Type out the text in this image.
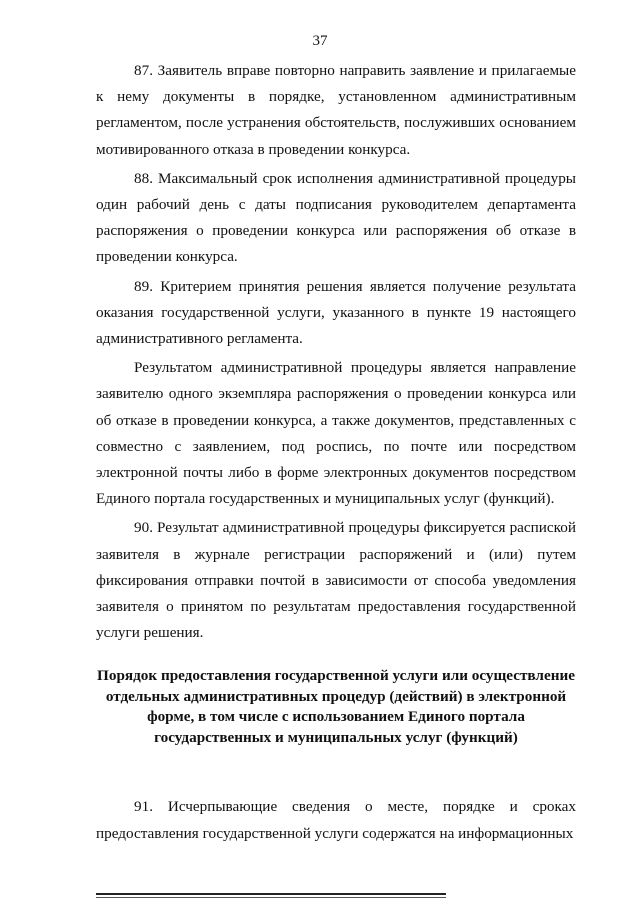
37

87. Заявитель вправе повторно направить заявление и прилагаемые к нему документы в порядке, установленном административным регламентом, после устранения обстоятельств, послуживших основанием мотивированного отказа в проведении конкурса.

88. Максимальный срок исполнения административной процедуры один рабочий день с даты подписания руководителем департамента распоряжения о проведении конкурса или распоряжения об отказе в проведении конкурса.

89. Критерием принятия решения является получение результата оказания государственной услуги, указанного в пункте 19 настоящего административного регламента.

Результатом административной процедуры является направление заявителю одного экземпляра распоряжения о проведении конкурса или об отказе в проведении конкурса, а также документов, представленных с совместно с заявлением, под роспись, по почте или посредством электронной почты либо в форме электронных документов посредством Единого портала государственных и муниципальных услуг (функций).

90. Результат административной процедуры фиксируется распиской заявителя в журнале регистрации распоряжений и (или) путем фиксирования отправки почтой в зависимости от способа уведомления заявителя о принятом по результатам предоставления государственной услуги решения.

Порядок предоставления государственной услуги или осуществление отдельных административных процедур (действий) в электронной форме, в том числе с использованием Единого портала государственных и муниципальных услуг (функций)

91. Исчерпывающие сведения о месте, порядке и сроках предоставления государственной услуги содержатся на информационных
